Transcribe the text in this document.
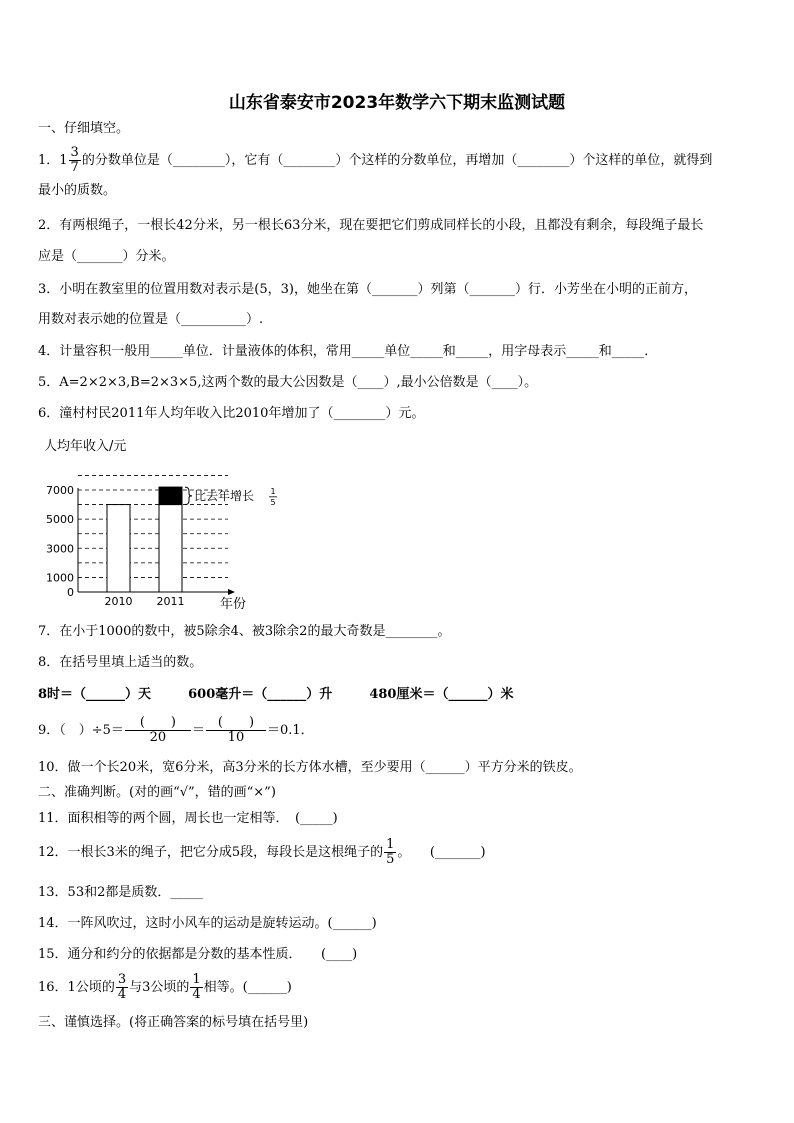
山东省泰安市2023年数学六下期末监测试题
一、仔细填空。
1．$1 \frac{3}{7}$ 的分数单位是（________），它有（________）个这样的分数单位，再增加（________）个这样的单位，就得到
最小的质数。
2．有两根绳子，一根长42分米，另一根长63分米，现在要把它们剪成同样长的小段，且都没有剩余，每段绳子最长
应是（_______）分米。
3．小明在教室里的位置用数对表示是(5，3)，她坐在第（_______）列第（_______）行．小芳坐在小明的正前方，
用数对表示她的位置是（__________）.
4．计量容积一般用_____单位．计量液体的体积，常用_____单位_____和_____，用字母表示_____和_____．
5．A=2×2×3,B=2×3×5,这两个数的最大公因数是（____）,最小公倍数是（____）。
6．潼村村民2011年人均年收入比2010年增加了（________）元。
人均年收入/元
年份
0
1000
3000
5000
7000
2010 2011
比去年增长 1
5
7．在小于1000的数中，被5除余4、被3除余2的最大奇数是________。
8．在括号里填上适当的数。
8时＝（______）天	600毫升＝（______）升	480厘米＝（______）米
9．（　）$\div 5= \frac{( )}{20} = \frac{( )}{10} =0.1$．
10．做一个长20米，宽6分米，高3分米的长方体水槽，至少要用（______）平方分米的铁皮。
二、准确判断。(对的画“√”，错的画“×”)
11．面积相等的两个圆，周长也一定相等．　(_____)
12．一根长3米的绳子，把它分成5段，每段长是这根绳子的 $\frac{1}{5}$ 。　　(_______)
13．53和2都是质数．_____
14．一阵风吹过，这时小风车的运动是旋转运动。(______)
15．通分和约分的依据都是分数的基本性质．　　(____)
16．1公顷的 $\frac{3}{4}$ 与3公顷的 $\frac{1}{4}$ 相等。(______)
三、谨慎选择。(将正确答案的标号填在括号里)
